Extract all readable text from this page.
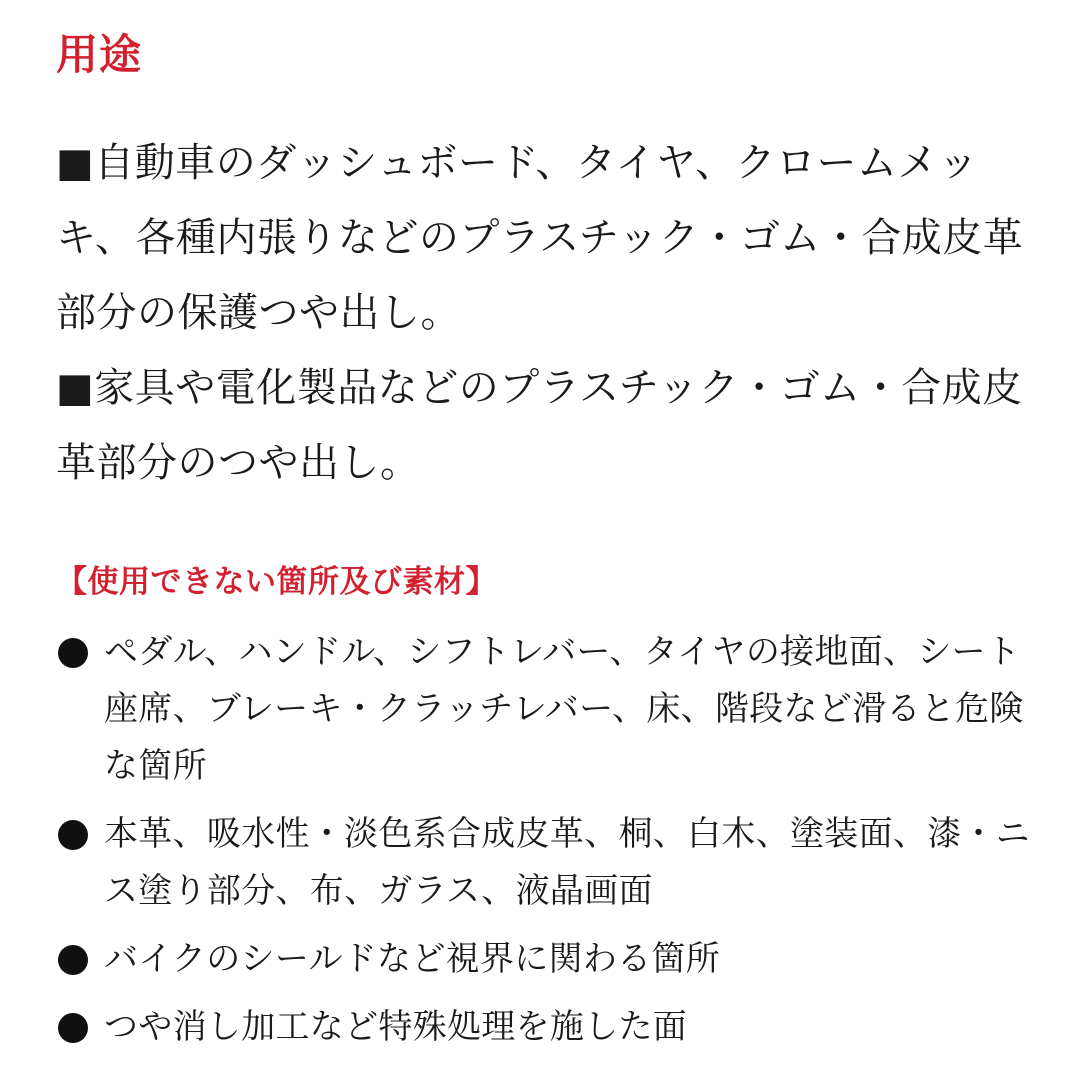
用途

■自動車のダッシュボード、タイヤ、クロームメッキ、各種内張りなどのプラスチック・ゴム・合成皮革部分の保護つや出し。

■家具や電化製品などのプラスチック・ゴム・合成皮革部分のつや出し。

【使用できない箇所及び素材】
ペダル、ハンドル、シフトレバー、タイヤの接地面、シート座席、ブレーキ・クラッチレバー、床、階段など滑ると危険な箇所
本革、吸水性・淡色系合成皮革、桐、白木、塗装面、漆・ニス塗り部分、布、ガラス、液晶画面
バイクのシールドなど視界に関わる箇所
つや消し加工など特殊処理を施した面
